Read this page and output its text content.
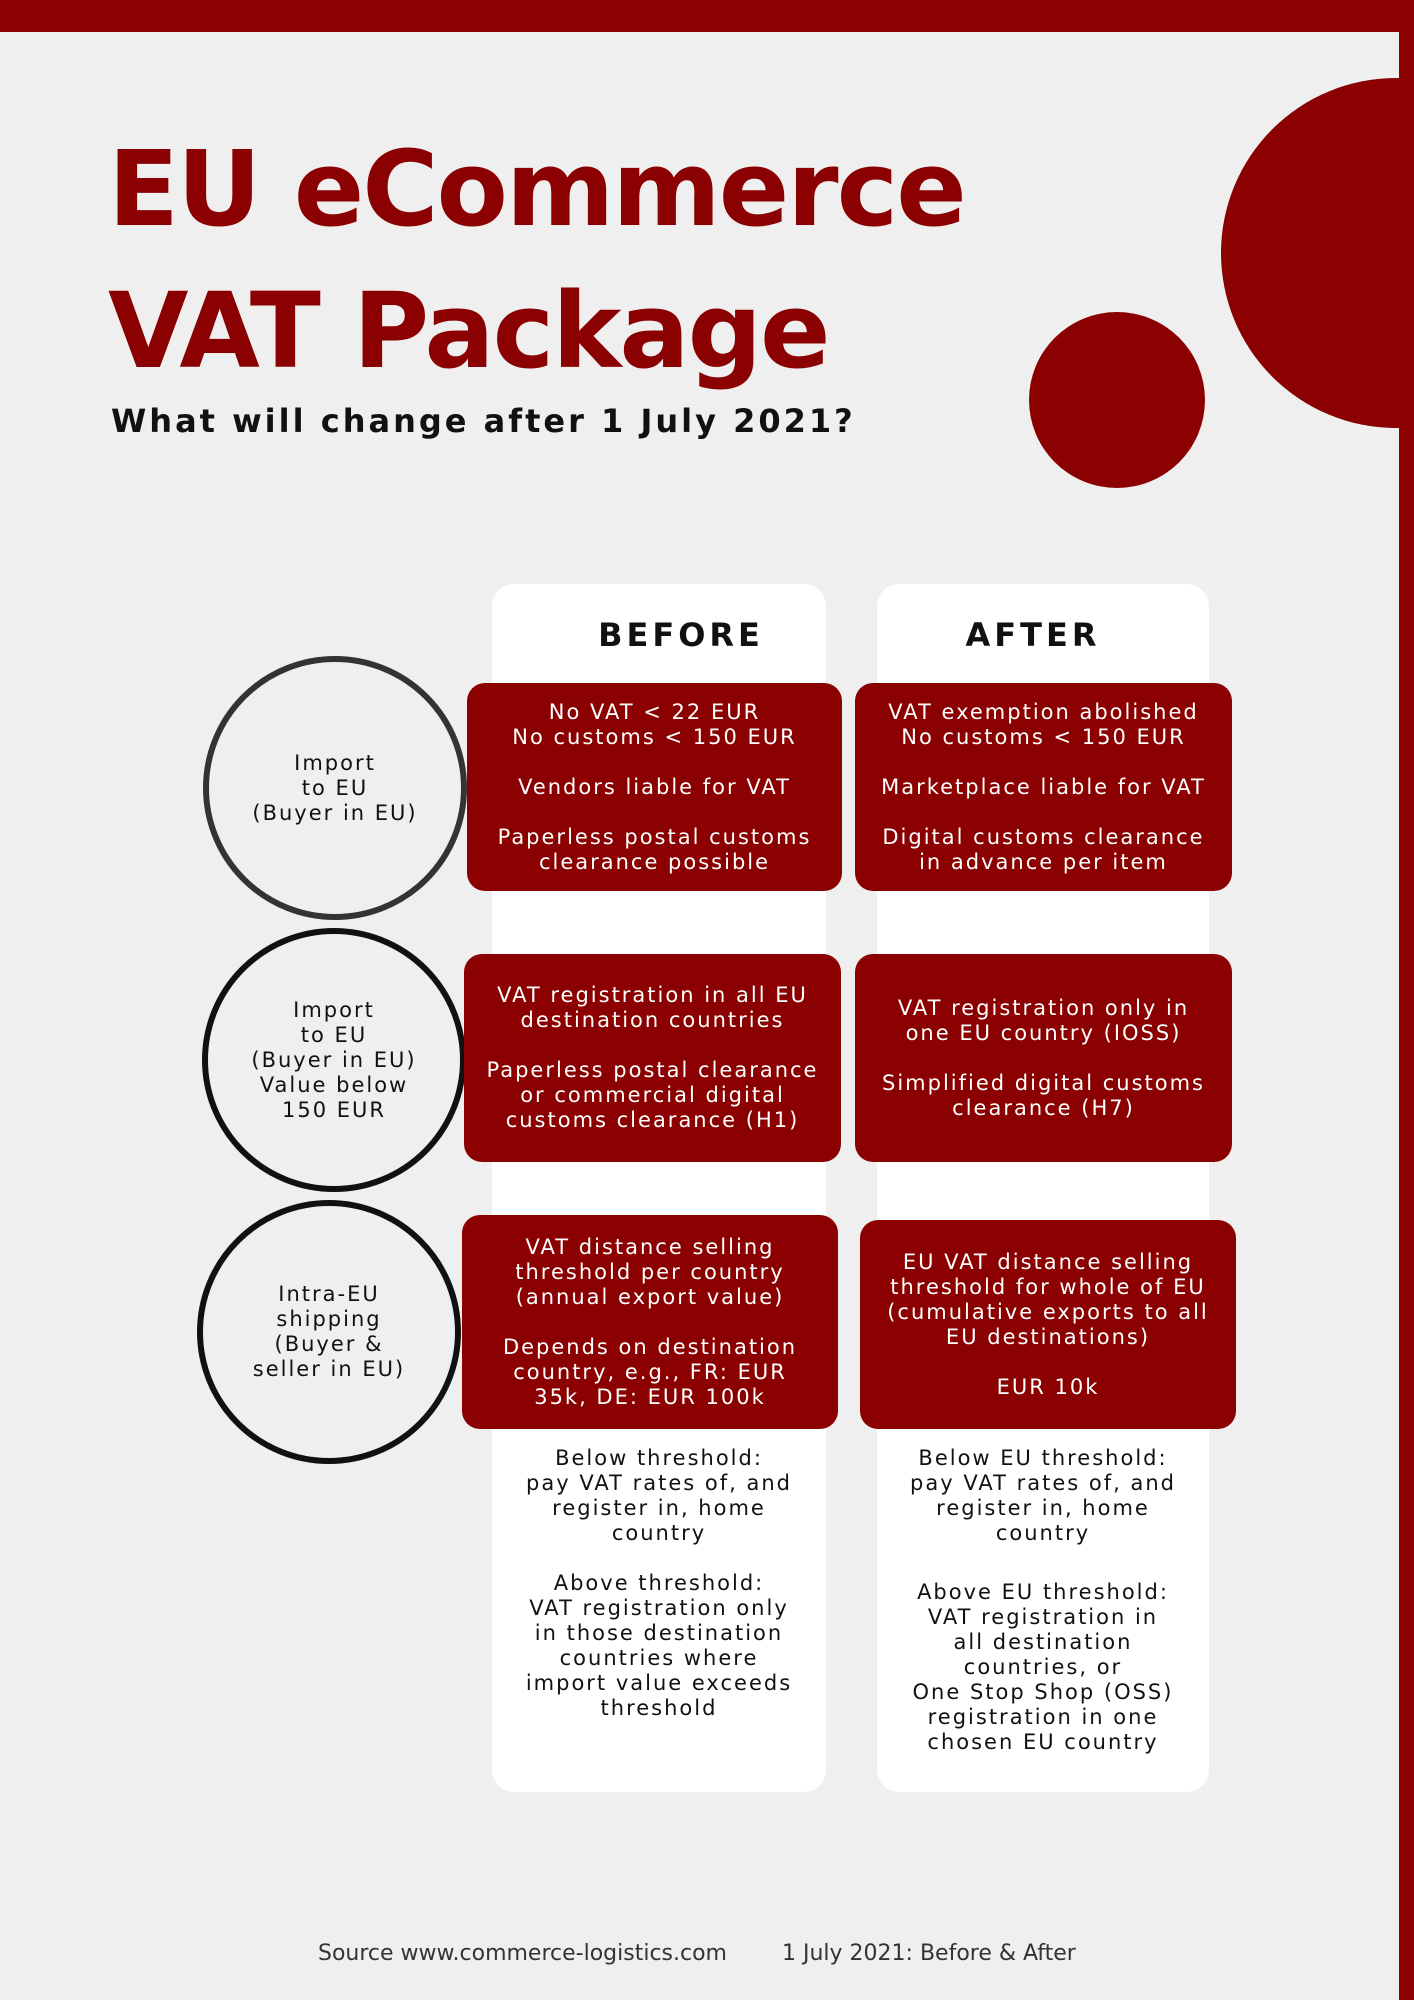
EU eCommerce
VAT Package
What will change after 1 July 2021?
BEFORE	AFTER
Import
to EU
(Buyer in EU)
No VAT < 22 EUR
No customs < 150 EUR

Vendors liable for VAT

Paperless postal customs
clearance possible
VAT exemption abolished
No customs < 150 EUR

Marketplace liable for VAT

Digital customs clearance
in advance per item
Import
to EU
(Buyer in EU)
Value below
150 EUR
VAT registration in all EU
destination countries

Paperless postal clearance
or commercial digital
customs clearance (H1)
VAT registration only in
one EU country (IOSS)

Simplified digital customs
clearance (H7)
Intra-EU
shipping
(Buyer &
seller in EU)
VAT distance selling
threshold per country
(annual export value)

Depends on destination
country, e.g., FR: EUR
35k, DE: EUR 100k
EU VAT distance selling
threshold for whole of EU
(cumulative exports to all
EU destinations)

EUR 10k
Below threshold:
pay VAT rates of, and
register in, home
country
Above threshold:
VAT registration only
in those destination
countries where
import value exceeds
threshold
Below EU threshold:
pay VAT rates of, and
register in, home
country
Above EU threshold:
VAT registration in
all destination
countries, or
One Stop Shop (OSS)
registration in one
chosen EU country
Source www.commerce-logistics.com	1 July 2021: Before & After
